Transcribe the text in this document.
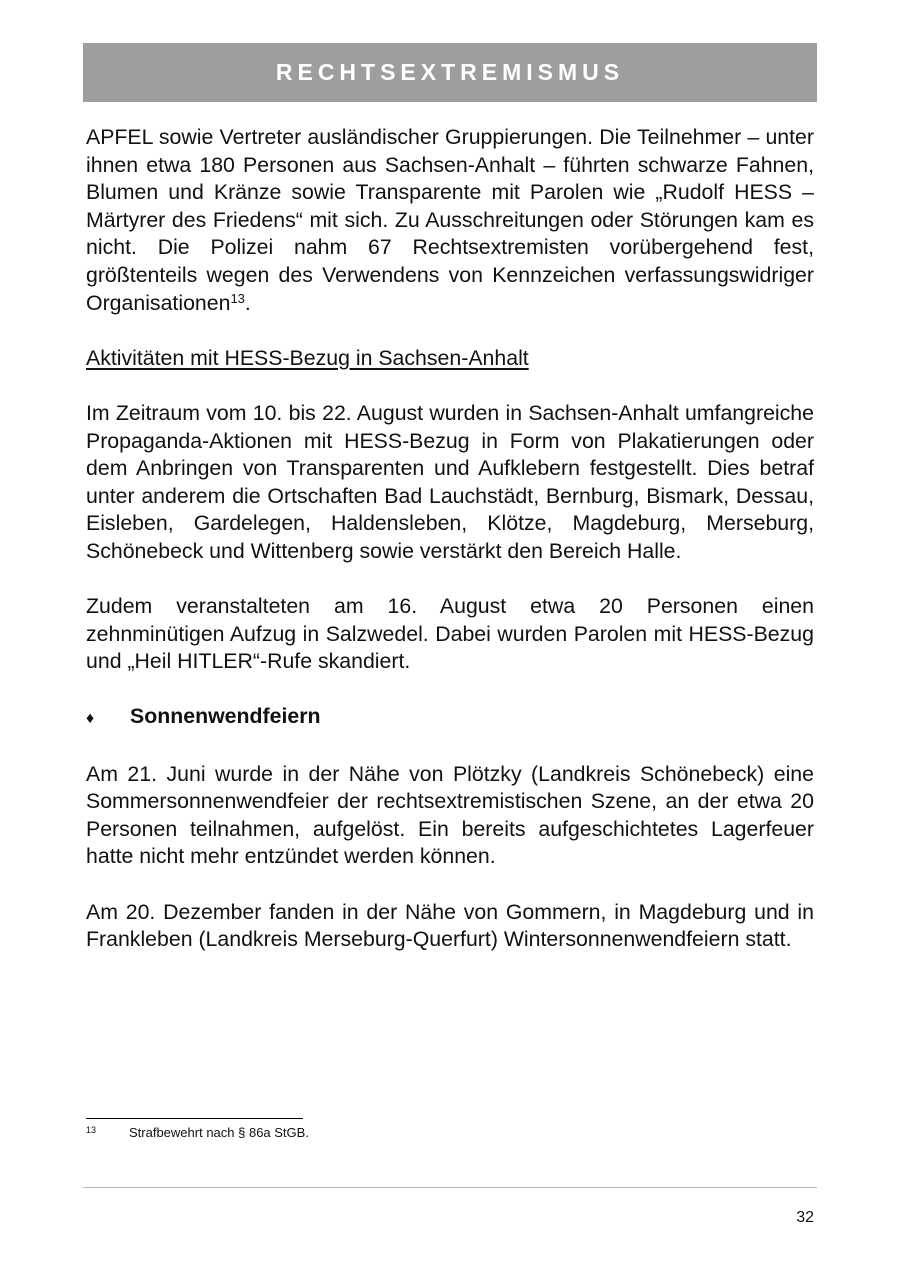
RECHTSEXTREMISMUS

APFEL sowie Vertreter ausländischer Gruppierungen. Die Teilnehmer – unter ihnen etwa 180 Personen aus Sachsen-Anhalt – führten schwarze Fahnen, Blumen und Kränze sowie Transparente mit Parolen wie „Rudolf HESS – Märtyrer des Friedens“ mit sich. Zu Ausschreitungen oder Störungen kam es nicht. Die Polizei nahm 67 Rechtsextremisten vorübergehend fest, größtenteils wegen des Verwendens von Kennzeichen verfassungswidriger Organisationen$^{13}$.

Aktivitäten mit HESS-Bezug in Sachsen-Anhalt

Im Zeitraum vom 10. bis 22. August wurden in Sachsen-Anhalt umfangreiche Propaganda-Aktionen mit HESS-Bezug in Form von Plakatierungen oder dem Anbringen von Transparenten und Aufklebern festgestellt. Dies betraf unter anderem die Ortschaften Bad Lauchstädt, Bernburg, Bismark, Dessau, Eisleben, Gardelegen, Haldensleben, Klötze, Magdeburg, Merseburg, Schönebeck und Wittenberg sowie verstärkt den Bereich Halle.

Zudem veranstalteten am 16. August etwa 20 Personen einen zehnminütigen Aufzug in Salzwedel. Dabei wurden Parolen mit HESS-Bezug und „Heil HITLER“-Rufe skandiert.

♦	Sonnenwendfeiern

Am 21. Juni wurde in der Nähe von Plötzky (Landkreis Schönebeck) eine Sommersonnenwendfeier der rechtsextremistischen Szene, an der etwa 20 Personen teilnahmen, aufgelöst. Ein bereits aufgeschichtetes Lagerfeuer hatte nicht mehr entzündet werden können.

Am 20. Dezember fanden in der Nähe von Gommern, in Magdeburg und in Frankleben (Landkreis Merseburg-Querfurt) Wintersonnenwendfeiern statt.

13	Strafbewehrt nach § 86a StGB.
32
